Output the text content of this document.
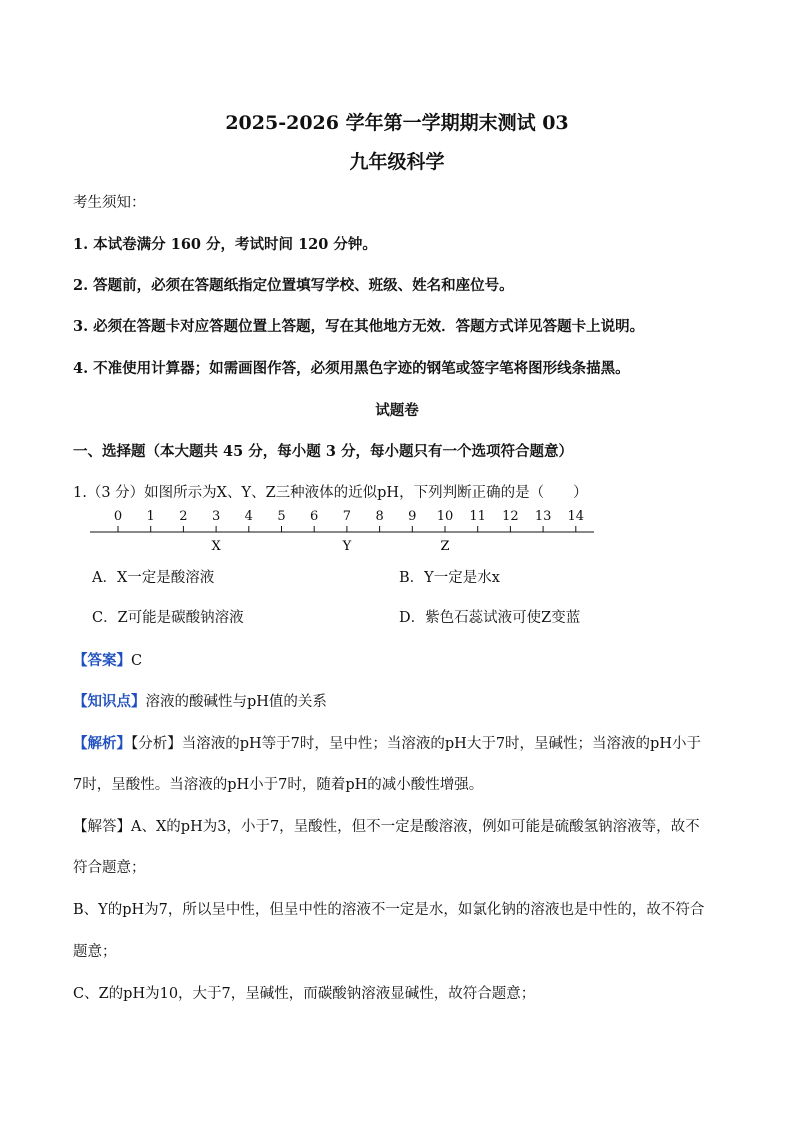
2025-2026 学年第一学期期末测试 03
九年级科学
考生须知：
1. 本试卷满分 160 分，考试时间 120 分钟。
2. 答题前，必须在答题纸指定位置填写学校、班级、姓名和座位号。
3. 必须在答题卡对应答题位置上答题，写在其他地方无效．答题方式详见答题卡上说明。
4. 不准使用计算器；如需画图作答，必须用黑色字迹的钢笔或签字笔将图形线条描黑。
试题卷
一、选择题（本大题共 45 分，每小题 3 分，每小题只有一个选项符合题意）
1.（3 分）如图所示为X、Y、Z三种液体的近似pH，下列判断正确的是（　　）
X	Y	Z
A．X一定是酸溶液	B．Y一定是水x
C．Z可能是碳酸钠溶液	D．紫色石蕊试液可使Z变蓝
【答案】C
【知识点】溶液的酸碱性与pH值的关系
【解析】【分析】当溶液的pH等于7时，呈中性；当溶液的pH大于7时，呈碱性；当溶液的pH小于
7时，呈酸性。当溶液的pH小于7时，随着pH的减小酸性增强。
【解答】A、X的pH为3，小于7，呈酸性，但不一定是酸溶液，例如可能是硫酸氢钠溶液等，故不
符合题意；
B、Y的pH为7，所以呈中性，但呈中性的溶液不一定是水，如氯化钠的溶液也是中性的，故不符合
题意；
C、Z的pH为10，大于7，呈碱性，而碳酸钠溶液显碱性，故符合题意；
0	1	2	3	4	5	6	7	8	9	10 11 12 13 14
